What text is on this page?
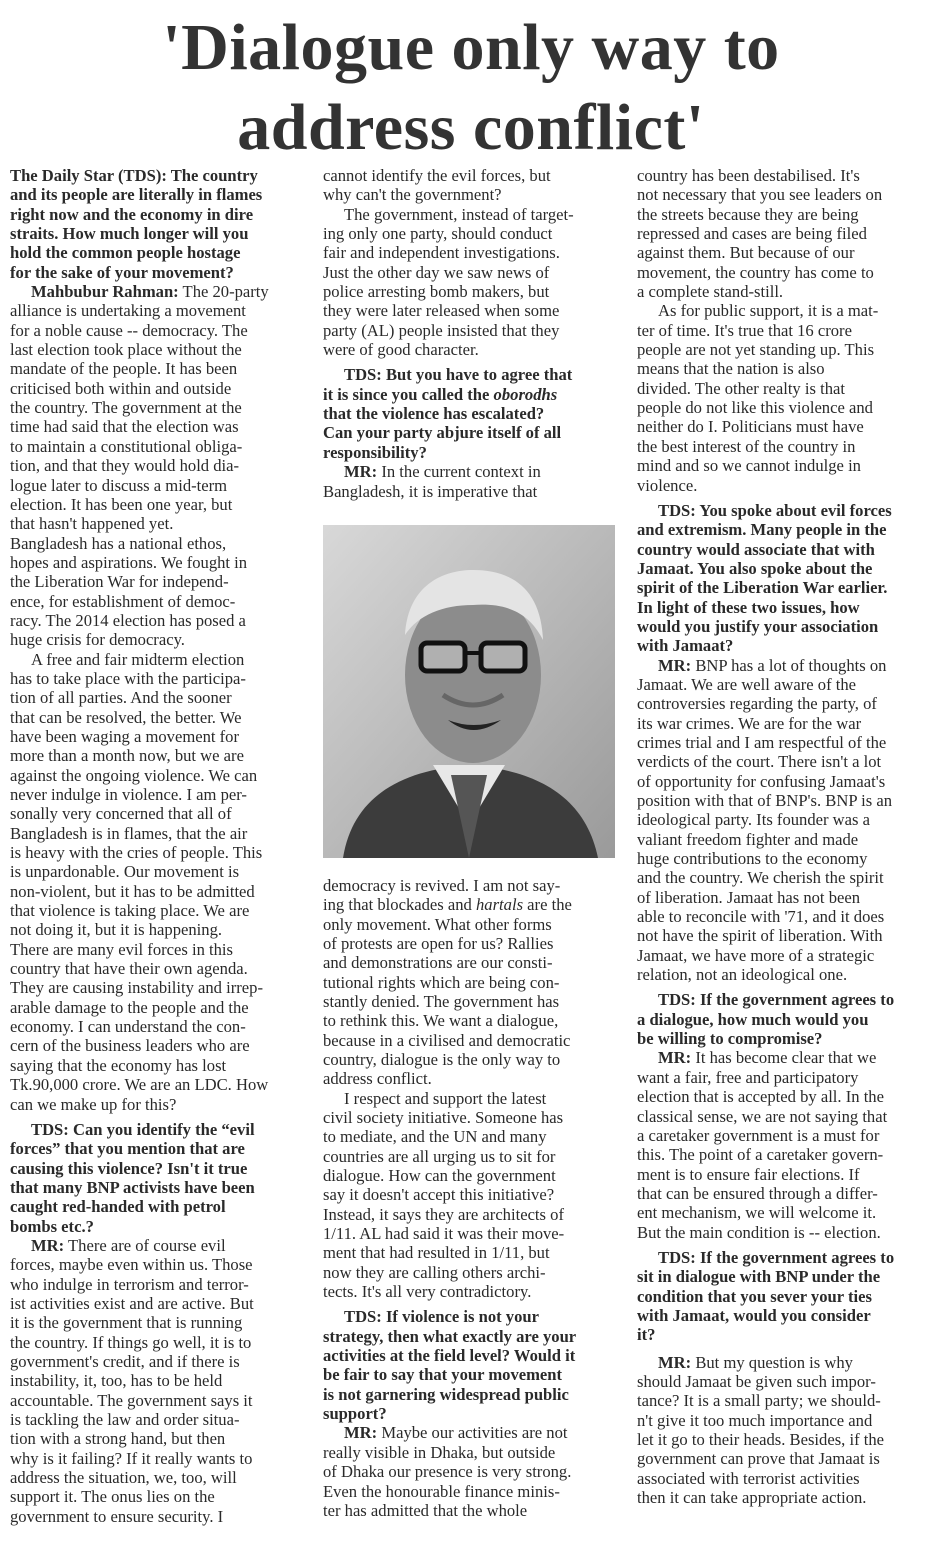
'Dialogue only way to
address conflict'

The Daily Star (TDS): The country
and its people are literally in flames
right now and the economy in dire
straits. How much longer will you
hold the common people hostage
for the sake of your movement?

Mahbubur Rahman: The 20-party
alliance is undertaking a movement
for a noble cause -- democracy. The
last election took place without the
mandate of the people. It has been
criticised both within and outside
the country. The government at the
time had said that the election was
to maintain a constitutional obliga-
tion, and that they would hold dia-
logue later to discuss a mid-term
election. It has been one year, but
that hasn't happened yet.
Bangladesh has a national ethos,
hopes and aspirations. We fought in
the Liberation War for independ-
ence, for establishment of democ-
racy. The 2014 election has posed a
huge crisis for democracy.

A free and fair midterm election
has to take place with the participa-
tion of all parties. And the sooner
that can be resolved, the better. We
have been waging a movement for
more than a month now, but we are
against the ongoing violence. We can
never indulge in violence. I am per-
sonally very concerned that all of
Bangladesh is in flames, that the air
is heavy with the cries of people. This
is unpardonable. Our movement is
non-violent, but it has to be admitted
that violence is taking place. We are
not doing it, but it is happening.
There are many evil forces in this
country that have their own agenda.
They are causing instability and irrep-
arable damage to the people and the
economy. I can understand the con-
cern of the business leaders who are
saying that the economy has lost
Tk.90,000 crore. We are an LDC. How
can we make up for this?

TDS: Can you identify the “evil
forces” that you mention that are
causing this violence? Isn't it true
that many BNP activists have been
caught red-handed with petrol
bombs etc.?

MR: There are of course evil
forces, maybe even within us. Those
who indulge in terrorism and terror-
ist activities exist and are active. But
it is the government that is running
the country. If things go well, it is to
government's credit, and if there is
instability, it, too, has to be held
accountable. The government says it
is tackling the law and order situa-
tion with a strong hand, but then
why is it failing? If it really wants to
address the situation, we, too, will
support it. The onus lies on the
government to ensure security. I

cannot identify the evil forces, but
why can't the government?

The government, instead of target-
ing only one party, should conduct
fair and independent investigations.
Just the other day we saw news of
police arresting bomb makers, but
they were later released when some
party (AL) people insisted that they
were of good character.

TDS: But you have to agree that
it is since you called the oborodhs
that the violence has escalated?
Can your party abjure itself of all
responsibility?

MR: In the current context in
Bangladesh, it is imperative that

democracy is revived. I am not say-
ing that blockades and hartals are the
only movement. What other forms
of protests are open for us? Rallies
and demonstrations are our consti-
tutional rights which are being con-
stantly denied. The government has
to rethink this. We want a dialogue,
because in a civilised and democratic
country, dialogue is the only way to
address conflict.

I respect and support the latest
civil society initiative. Someone has
to mediate, and the UN and many
countries are all urging us to sit for
dialogue. How can the government
say it doesn't accept this initiative?
Instead, it says they are architects of
1/11. AL had said it was their move-
ment that had resulted in 1/11, but
now they are calling others archi-
tects. It's all very contradictory.

TDS: If violence is not your
strategy, then what exactly are your
activities at the field level? Would it
be fair to say that your movement
is not garnering widespread public
support?

MR: Maybe our activities are not
really visible in Dhaka, but outside
of Dhaka our presence is very strong.
Even the honourable finance minis-
ter has admitted that the whole

country has been destabilised. It's
not necessary that you see leaders on
the streets because they are being
repressed and cases are being filed
against them. But because of our
movement, the country has come to
a complete stand-still.

As for public support, it is a mat-
ter of time. It's true that 16 crore
people are not yet standing up. This
means that the nation is also
divided. The other realty is that
people do not like this violence and
neither do I. Politicians must have
the best interest of the country in
mind and so we cannot indulge in
violence.

TDS: You spoke about evil forces
and extremism. Many people in the
country would associate that with
Jamaat. You also spoke about the
spirit of the Liberation War earlier.
In light of these two issues, how
would you justify your association
with Jamaat?

MR: BNP has a lot of thoughts on
Jamaat. We are well aware of the
controversies regarding the party, of
its war crimes. We are for the war
crimes trial and I am respectful of the
verdicts of the court. There isn't a lot
of opportunity for confusing Jamaat's
position with that of BNP's. BNP is an
ideological party. Its founder was a
valiant freedom fighter and made
huge contributions to the economy
and the country. We cherish the spirit
of liberation. Jamaat has not been
able to reconcile with '71, and it does
not have the spirit of liberation. With
Jamaat, we have more of a strategic
relation, not an ideological one.

TDS: If the government agrees to
a dialogue, how much would you
be willing to compromise?

MR: It has become clear that we
want a fair, free and participatory
election that is accepted by all. In the
classical sense, we are not saying that
a caretaker government is a must for
this. The point of a caretaker govern-
ment is to ensure fair elections. If
that can be ensured through a differ-
ent mechanism, we will welcome it.
But the main condition is -- election.

TDS: If the government agrees to
sit in dialogue with BNP under the
condition that you sever your ties
with Jamaat, would you consider
it?

MR: But my question is why
should Jamaat be given such impor-
tance? It is a small party; we should-
n't give it too much importance and
let it go to their heads. Besides, if the
government can prove that Jamaat is
associated with terrorist activities
then it can take appropriate action.
